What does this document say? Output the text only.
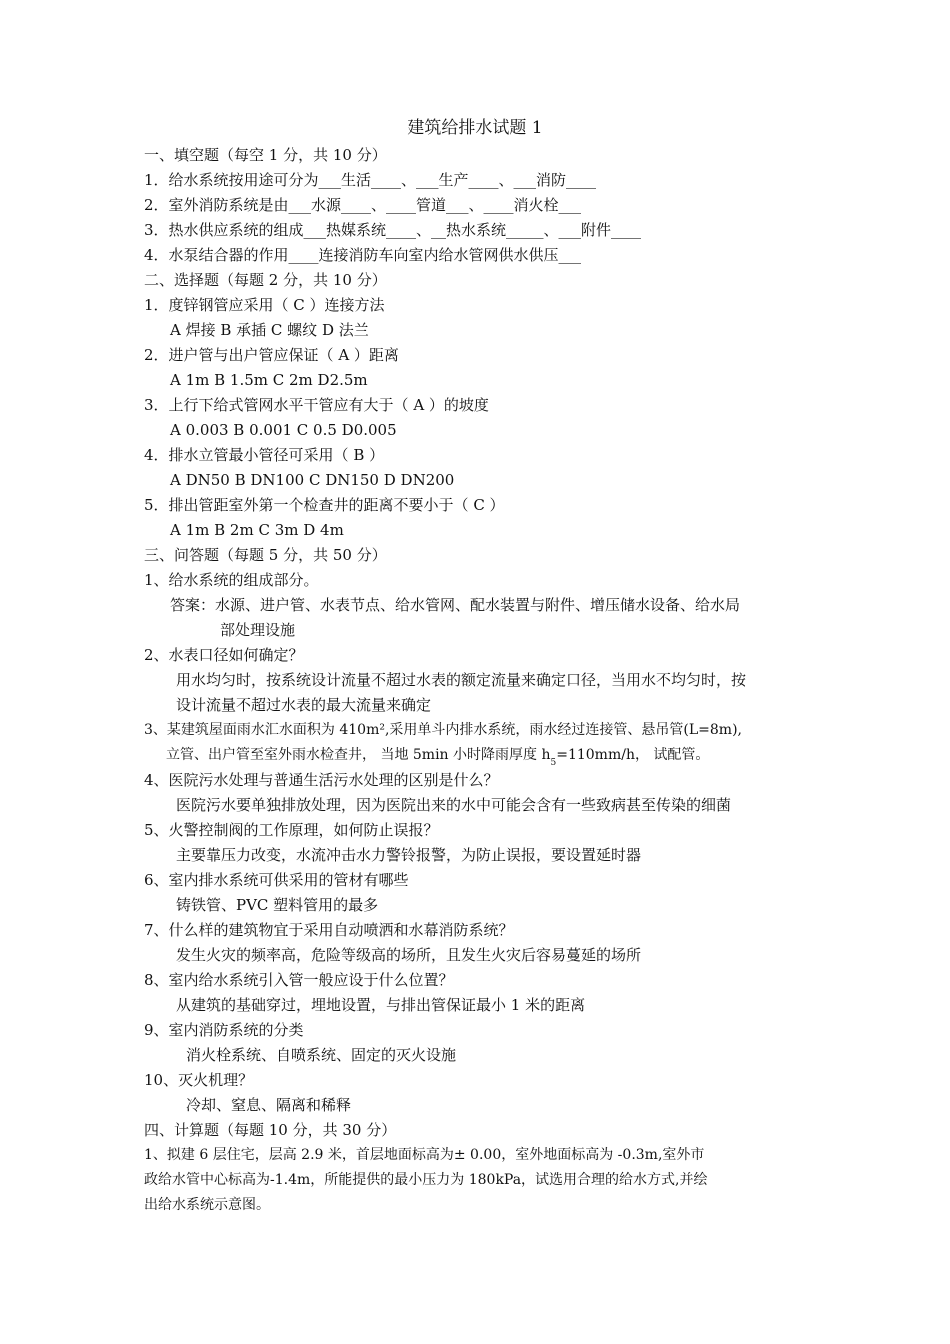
建筑给排水试题 1
一、填空题（每空 1 分，共 10 分）
1．给水系统按用途可分为___生活____、___生产____、___消防____
2．室外消防系统是由___水源____、____管道___、____消火栓___
3．热水供应系统的组成___热媒系统____、__热水系统_____、___附件____
4．水泵结合器的作用____连接消防车向室内给水管网供水供压___
二、选择题（每题 2 分，共 10 分）
1．度锌钢管应采用（ C ）连接方法
A 焊接 B 承插 C 螺纹 D 法兰
2．进户管与出户管应保证（ A ）距离
A 1m B 1.5m C 2m D2.5m
3．上行下给式管网水平干管应有大于（ A ）的坡度
A 0.003 B 0.001 C 0.5 D0.005
4．排水立管最小管径可采用（ B ）
A DN50 B DN100 C DN150 D DN200
5．排出管距室外第一个检查井的距离不要小于（ C ）
A 1m B 2m C 3m D 4m
三、问答题（每题 5 分，共 50 分）
1、给水系统的组成部分。
答案：水源、进户管、水表节点、给水管网、配水装置与附件、增压储水设备、给水局
部处理设施
2、水表口径如何确定？
用水均匀时，按系统设计流量不超过水表的额定流量来确定口径，当用水不均匀时，按
设计流量不超过水表的最大流量来确定
3、某建筑屋面雨水汇水面积为 410m²,采用单斗内排水系统，雨水经过连接管、悬吊管(L=8m),
立管、出户管至室外雨水检查井， 当地 5min 小时降雨厚度 $h_5=110mm/h$， 试配管。
4、医院污水处理与普通生活污水处理的区别是什么？
医院污水要单独排放处理，因为医院出来的水中可能会含有一些致病甚至传染的细菌
5、火警控制阀的工作原理，如何防止误报？
主要靠压力改变，水流冲击水力警铃报警，为防止误报，要设置延时器
6、室内排水系统可供采用的管材有哪些
铸铁管、PVC 塑料管用的最多
7、什么样的建筑物宜于采用自动喷洒和水幕消防系统？
发生火灾的频率高，危险等级高的场所，且发生火灾后容易蔓延的场所
8、室内给水系统引入管一般应设于什么位置？
从建筑的基础穿过，埋地设置，与排出管保证最小 1 米的距离
9、室内消防系统的分类
消火栓系统、自喷系统、固定的灭火设施
10、灭火机理？
冷却、窒息、隔离和稀释
四、计算题（每题 10 分，共 30 分）
1、拟建 6 层住宅，层高 2.9 米，首层地面标高为± 0.00，室外地面标高为 -0.3m,室外市
政给水管中心标高为-1.4m，所能提供的最小压力为 180kPa，试选用合理的给水方式,并绘
出给水系统示意图。
